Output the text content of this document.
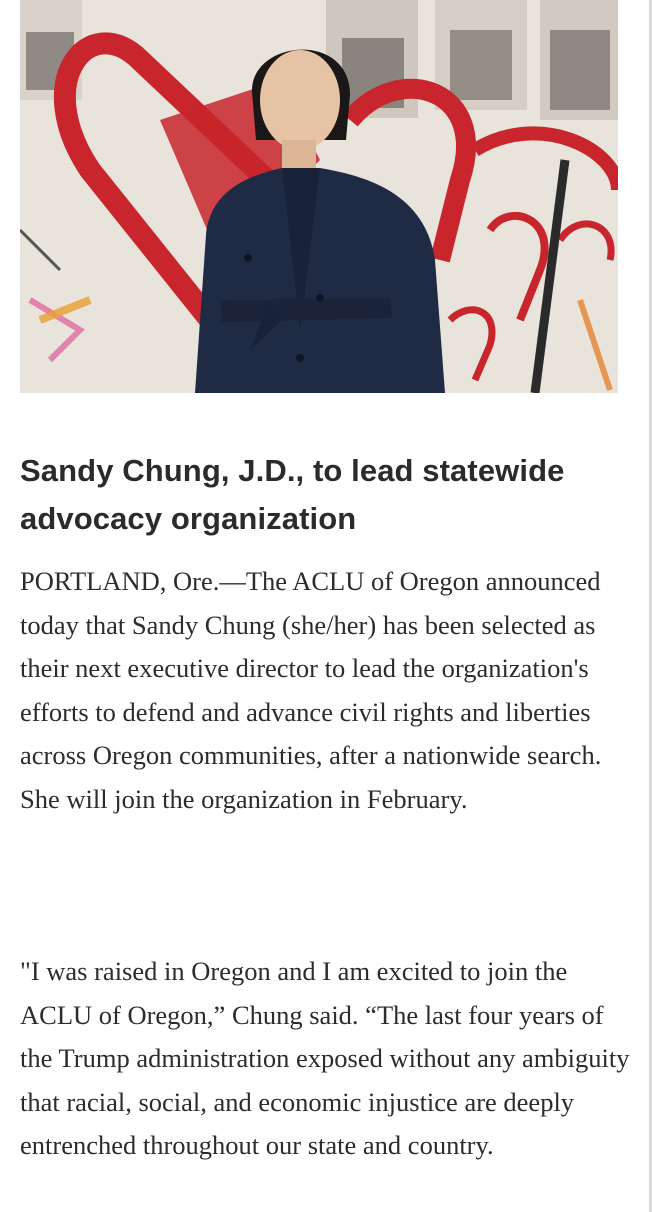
Sandy Chung, J.D., to lead statewide advocacy organization

PORTLAND, Ore.—The ACLU of Oregon announced today that Sandy Chung (she/her) has been selected as their next executive director to lead the organization's efforts to defend and advance civil rights and liberties across Oregon communities, after a nationwide search. She will join the organization in February.

"I was raised in Oregon and I am excited to join the ACLU of Oregon,” Chung said. “The last four years of the Trump administration exposed without any ambiguity that racial, social, and economic injustice are deeply entrenched throughout our state and country.
